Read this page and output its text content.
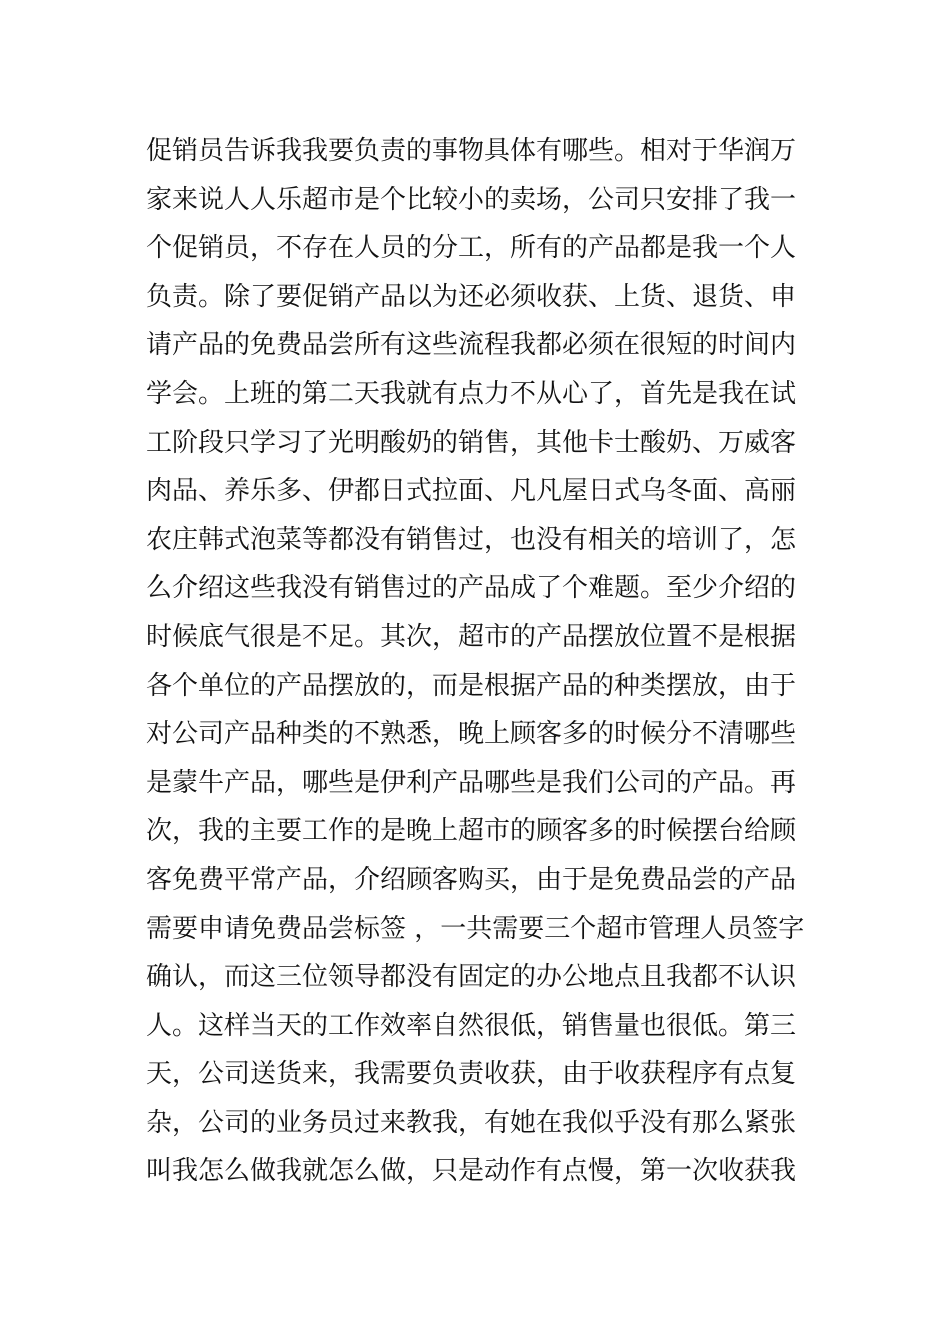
促销员告诉我我要负责的事物具体有哪些。相对于华润万
家来说人人乐超市是个比较小的卖场，公司只安排了我一
个促销员，不存在人员的分工，所有的产品都是我一个人
负责。除了要促销产品以为还必须收获、上货、退货、申
请产品的免费品尝所有这些流程我都必须在很短的时间内
学会。上班的第二天我就有点力不从心了，首先是我在试
工阶段只学习了光明酸奶的销售，其他卡士酸奶、万威客
肉品、养乐多、伊都日式拉面、凡凡屋日式乌冬面、高丽
农庄韩式泡菜等都没有销售过，也没有相关的培训了，怎
么介绍这些我没有销售过的产品成了个难题。至少介绍的
时候底气很是不足。其次，超市的产品摆放位置不是根据
各个单位的产品摆放的，而是根据产品的种类摆放，由于
对公司产品种类的不熟悉，晚上顾客多的时候分不清哪些
是蒙牛产品，哪些是伊利产品哪些是我们公司的产品。再
次，我的主要工作的是晚上超市的顾客多的时候摆台给顾
客免费平常产品，介绍顾客购买，由于是免费品尝的产品
需要申请免费品尝标签 ，一共需要三个超市管理人员签字
确认，而这三位领导都没有固定的办公地点且我都不认识
人。这样当天的工作效率自然很低，销售量也很低。第三
天，公司送货来，我需要负责收获，由于收获程序有点复
杂，公司的业务员过来教我，有她在我似乎没有那么紧张
叫我怎么做我就怎么做，只是动作有点慢，第一次收获我
